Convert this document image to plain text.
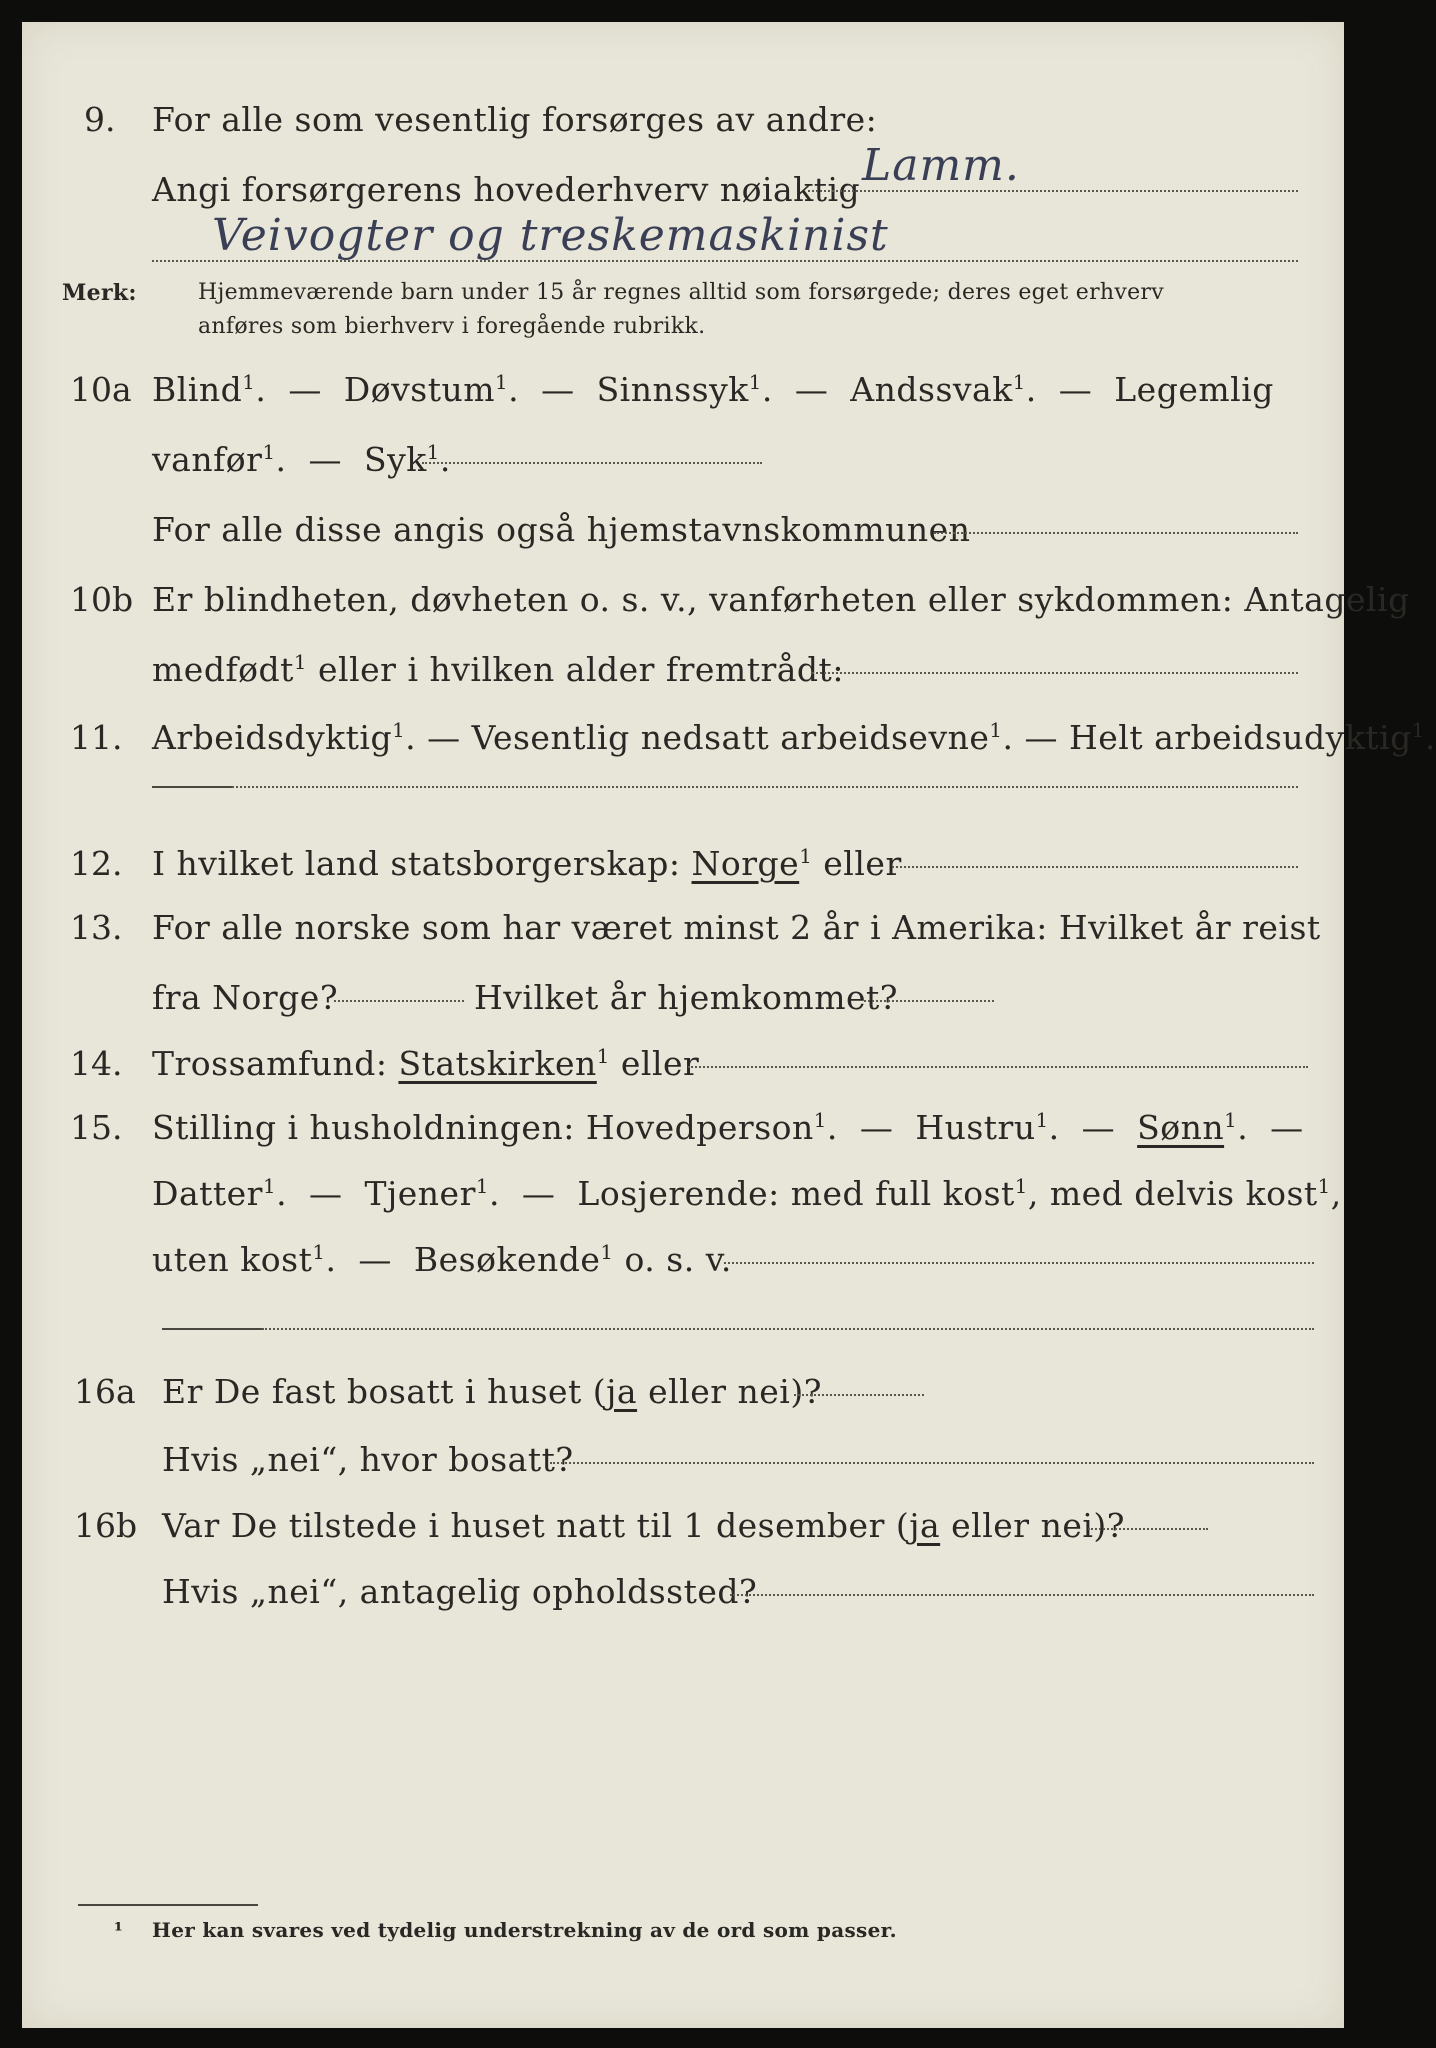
9. For alle som vesentlig forsørges av andre:
Angi forsørgerens hovederhverv nøiaktig Lamm.
Veivogter og treskemaskinist
Merk:	Hjemmeværende barn under 15 år regnes alltid som forsørgede; deres eget erhverv
anføres som bierhverv i foregående rubrikk.
10a Blind$^1$.  —  Døvstum$^1$.  —  Sinnssyk$^1$.  —  Andssvak$^1$.  —  Legemlig
vanfør$^1$.  —  Syk$^1$.
For alle disse angis også hjemstavnskommunen
10b Er blindheten, døvheten o. s. v., vanførheten eller sykdommen: Antagelig
medfødt$^1$ eller i hvilken alder fremtrådt:
11. Arbeidsdyktig$^1$. — Vesentlig nedsatt arbeidsevne$^1$. — Helt arbeidsudyktig$^1$.
12. I hvilket land statsborgerskap: Norge$^1$ eller
13. For alle norske som har været minst 2 år i Amerika: Hvilket år reist
fra Norge?	Hvilket år hjemkommet?
14. Trossamfund: Statskirken$^1$ eller
15. Stilling i husholdningen: Hovedperson$^1$.  —  Hustru$^1$.  —  Sønn$^1$.  —
Datter$^1$.  —  Tjener$^1$.  —  Losjerende: med full kost$^1$, med delvis kost$^1$,
uten kost$^1$.  —  Besøkende$^1$ o. s. v.
16a Er De fast bosatt i huset (ja eller nei)?
Hvis „nei“, hvor bosatt?
16b Var De tilstede i huset natt til 1 desember (ja eller nei)?
Hvis „nei“, antagelig opholdssted?
¹ Her kan svares ved tydelig understrekning av de ord som passer.
